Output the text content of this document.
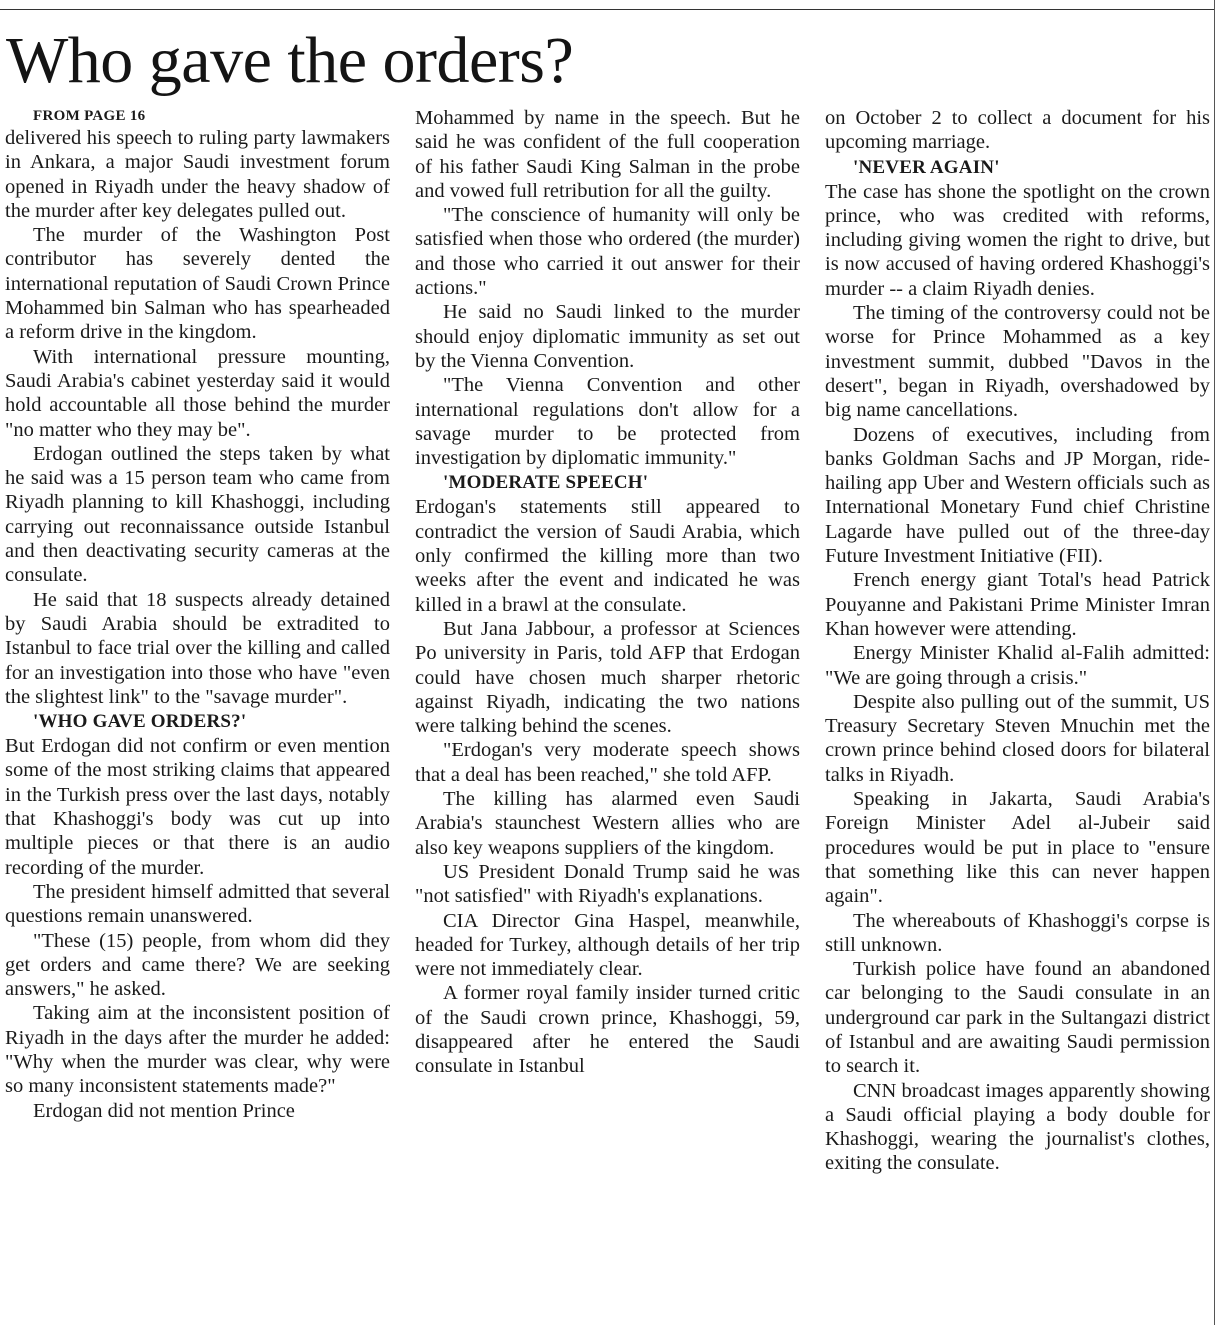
Who gave the orders?

FROM PAGE 16

delivered his speech to ruling party lawmakers in Ankara, a major Saudi investment forum opened in Riyadh under the heavy shadow of the murder after key delegates pulled out.

The murder of the Washington Post contributor has severely dented the international reputation of Saudi Crown Prince Mohammed bin Salman who has spearheaded a reform drive in the kingdom.

With international pressure mounting, Saudi Arabia's cabinet yesterday said it would hold accountable all those behind the murder "no matter who they may be".

Erdogan outlined the steps taken by what he said was a 15 person team who came from Riyadh planning to kill Khashoggi, including carrying out reconnaissance outside Istanbul and then deactivating security cameras at the consulate.

He said that 18 suspects already detained by Saudi Arabia should be extradited to Istanbul to face trial over the killing and called for an investigation into those who have "even the slightest link" to the "savage murder".

'WHO GAVE ORDERS?'

But Erdogan did not confirm or even mention some of the most striking claims that appeared in the Turkish press over the last days, notably that Khashoggi's body was cut up into multiple pieces or that there is an audio recording of the murder.

The president himself admitted that several questions remain unanswered.

"These (15) people, from whom did they get orders and came there? We are seeking answers," he asked.

Taking aim at the inconsistent position of Riyadh in the days after the murder he added: "Why when the murder was clear, why were so many inconsistent statements made?"

Erdogan did not mention Prince

Mohammed by name in the speech. But he said he was confident of the full cooperation of his father Saudi King Salman in the probe and vowed full retribution for all the guilty.

"The conscience of humanity will only be satisfied when those who ordered (the murder) and those who carried it out answer for their actions."

He said no Saudi linked to the murder should enjoy diplomatic immunity as set out by the Vienna Convention.

"The Vienna Convention and other international regulations don't allow for a savage murder to be protected from investigation by diplomatic immunity."

'MODERATE SPEECH'

Erdogan's statements still appeared to contradict the version of Saudi Arabia, which only confirmed the killing more than two weeks after the event and indicated he was killed in a brawl at the consulate.

But Jana Jabbour, a professor at Sciences Po university in Paris, told AFP that Erdogan could have chosen much sharper rhetoric against Riyadh, indicating the two nations were talking behind the scenes.

"Erdogan's very moderate speech shows that a deal has been reached," she told AFP.

The killing has alarmed even Saudi Arabia's staunchest Western allies who are also key weapons suppliers of the kingdom.

US President Donald Trump said he was "not satisfied" with Riyadh's explanations.

CIA Director Gina Haspel, meanwhile, headed for Turkey, although details of her trip were not immediately clear.

A former royal family insider turned critic of the Saudi crown prince, Khashoggi, 59, disappeared after he entered the Saudi consulate in Istanbul

on October 2 to collect a document for his upcoming marriage.

'NEVER AGAIN'

The case has shone the spotlight on the crown prince, who was credited with reforms, including giving women the right to drive, but is now accused of having ordered Khashoggi's murder -- a claim Riyadh denies.

The timing of the controversy could not be worse for Prince Mohammed as a key investment summit, dubbed "Davos in the desert", began in Riyadh, overshadowed by big name cancellations.

Dozens of executives, including from banks Goldman Sachs and JP Morgan, ride-hailing app Uber and Western officials such as International Monetary Fund chief Christine Lagarde have pulled out of the three-day Future Investment Initiative (FII).

French energy giant Total's head Patrick Pouyanne and Pakistani Prime Minister Imran Khan however were attending.

Energy Minister Khalid al-Falih admitted: "We are going through a crisis."

Despite also pulling out of the summit, US Treasury Secretary Steven Mnuchin met the crown prince behind closed doors for bilateral talks in Riyadh.

Speaking in Jakarta, Saudi Arabia's Foreign Minister Adel al-Jubeir said procedures would be put in place to "ensure that something like this can never happen again".

The whereabouts of Khashoggi's corpse is still unknown.

Turkish police have found an abandoned car belonging to the Saudi consulate in an underground car park in the Sultangazi district of Istanbul and are awaiting Saudi permission to search it.

CNN broadcast images apparently showing a Saudi official playing a body double for Khashoggi, wearing the journalist's clothes, exiting the consulate.
